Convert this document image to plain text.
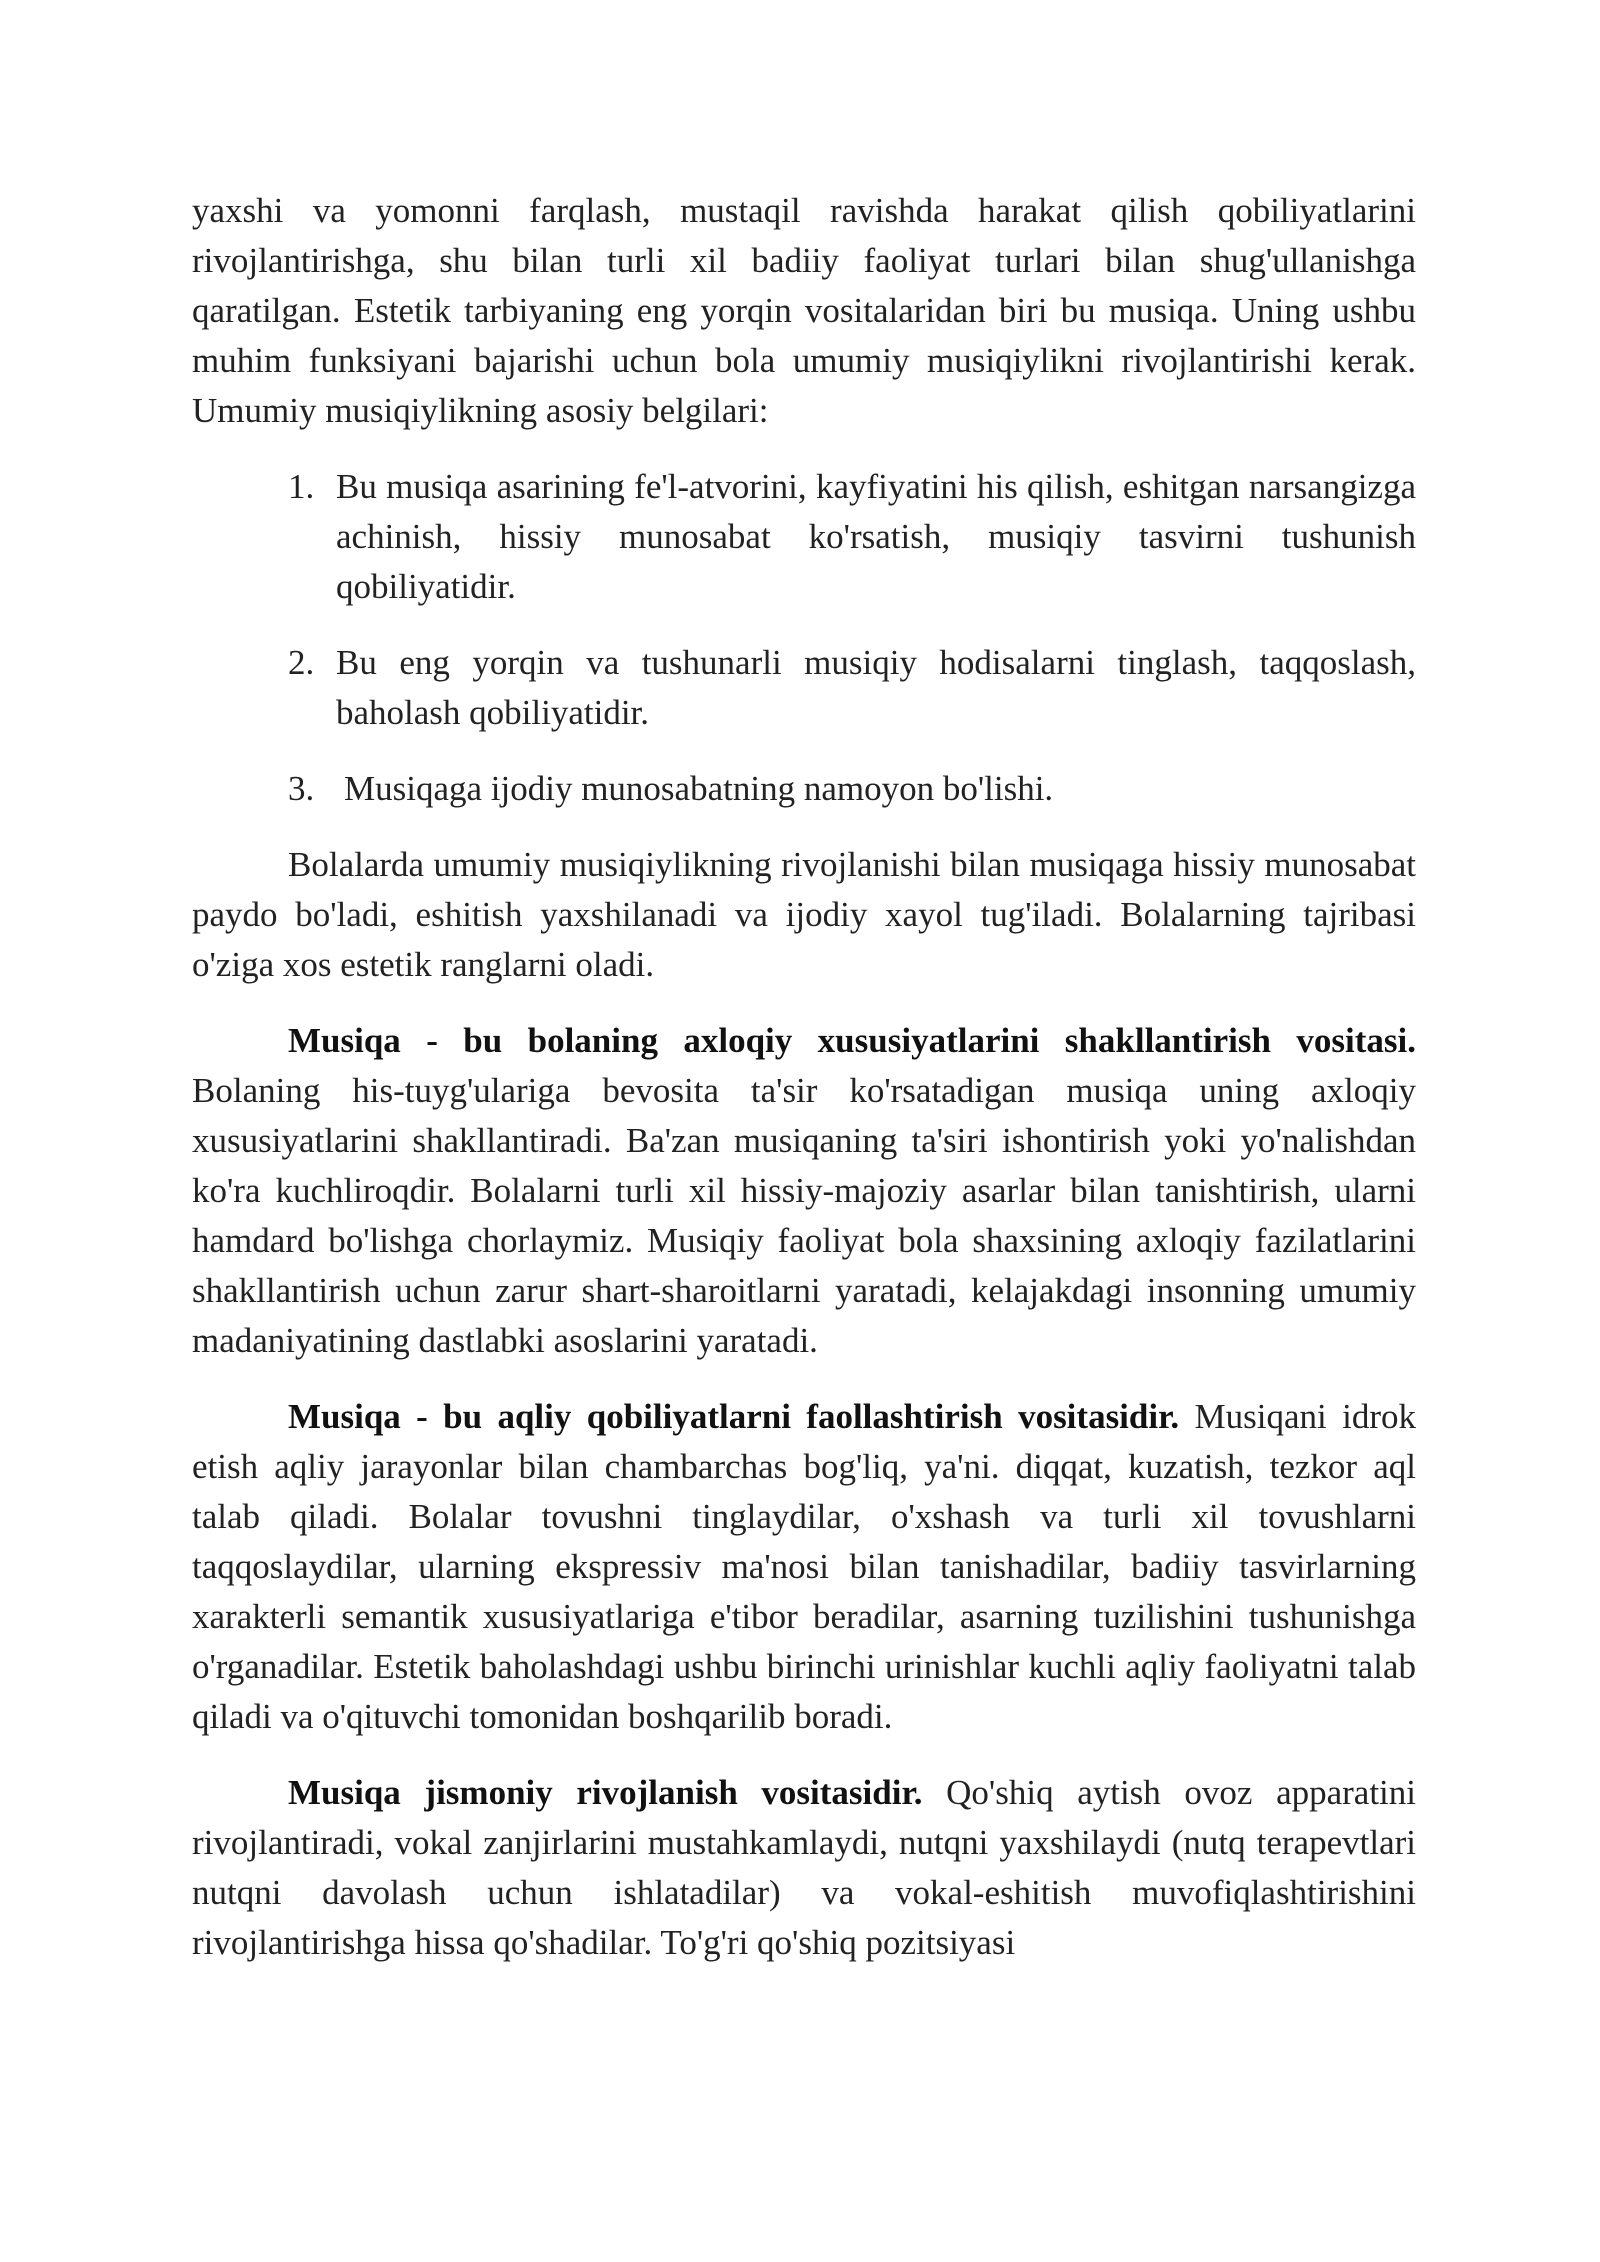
yaxshi va yomonni farqlash, mustaqil ravishda harakat qilish qobiliyatlarini rivojlantirishga, shu bilan turli xil badiiy faoliyat turlari bilan shug'ullanishga qaratilgan. Estetik tarbiyaning eng yorqin vositalaridan biri bu musiqa. Uning ushbu muhim funksiyani bajarishi uchun bola umumiy musiqiylikni rivojlantirishi kerak. Umumiy musiqiylikning asosiy belgilari:

1. Bu musiqa asarining fe'l-atvorini, kayfiyatini his qilish, eshitgan narsangizga achinish, hissiy munosabat ko'rsatish, musiqiy tasvirni tushunish qobiliyatidir.
2. Bu eng yorqin va tushunarli musiqiy hodisalarni tinglash, taqqoslash, baholash qobiliyatidir.
3. Musiqaga ijodiy munosabatning namoyon bo'lishi.

Bolalarda umumiy musiqiylikning rivojlanishi bilan musiqaga hissiy munosabat paydo bo'ladi, eshitish yaxshilanadi va ijodiy xayol tug'iladi. Bolalarning tajribasi o'ziga xos estetik ranglarni oladi.

Musiqa - bu bolaning axloqiy xususiyatlarini shakllantirish vositasi. Bolaning his-tuyg'ulariga bevosita ta'sir ko'rsatadigan musiqa uning axloqiy xususiyatlarini shakllantiradi. Ba'zan musiqaning ta'siri ishontirish yoki yo'nalishdan ko'ra kuchliroqdir. Bolalarni turli xil hissiy-majoziy asarlar bilan tanishtirish, ularni hamdard bo'lishga chorlaymiz. Musiqiy faoliyat bola shaxsining axloqiy fazilatlarini shakllantirish uchun zarur shart-sharoitlarni yaratadi, kelajakdagi insonning umumiy madaniyatining dastlabki asoslarini yaratadi.

Musiqa - bu aqliy qobiliyatlarni faollashtirish vositasidir. Musiqani idrok etish aqliy jarayonlar bilan chambarchas bog'liq, ya'ni. diqqat, kuzatish, tezkor aql talab qiladi. Bolalar tovushni tinglaydilar, o'xshash va turli xil tovushlarni taqqoslaydilar, ularning ekspressiv ma'nosi bilan tanishadilar, badiiy tasvirlarning xarakterli semantik xususiyatlariga e'tibor beradilar, asarning tuzilishini tushunishga o'rganadilar. Estetik baholashdagi ushbu birinchi urinishlar kuchli aqliy faoliyatni talab qiladi va o'qituvchi tomonidan boshqarilib boradi.

Musiqa jismoniy rivojlanish vositasidir. Qo'shiq aytish ovoz apparatini rivojlantiradi, vokal zanjirlarini mustahkamlaydi, nutqni yaxshilaydi (nutq terapevtlari nutqni davolash uchun ishlatadilar) va vokal-eshitish muvofiqlashtirishini rivojlantirishga hissa qo'shadilar. To'g'ri qo'shiq pozitsiyasi
